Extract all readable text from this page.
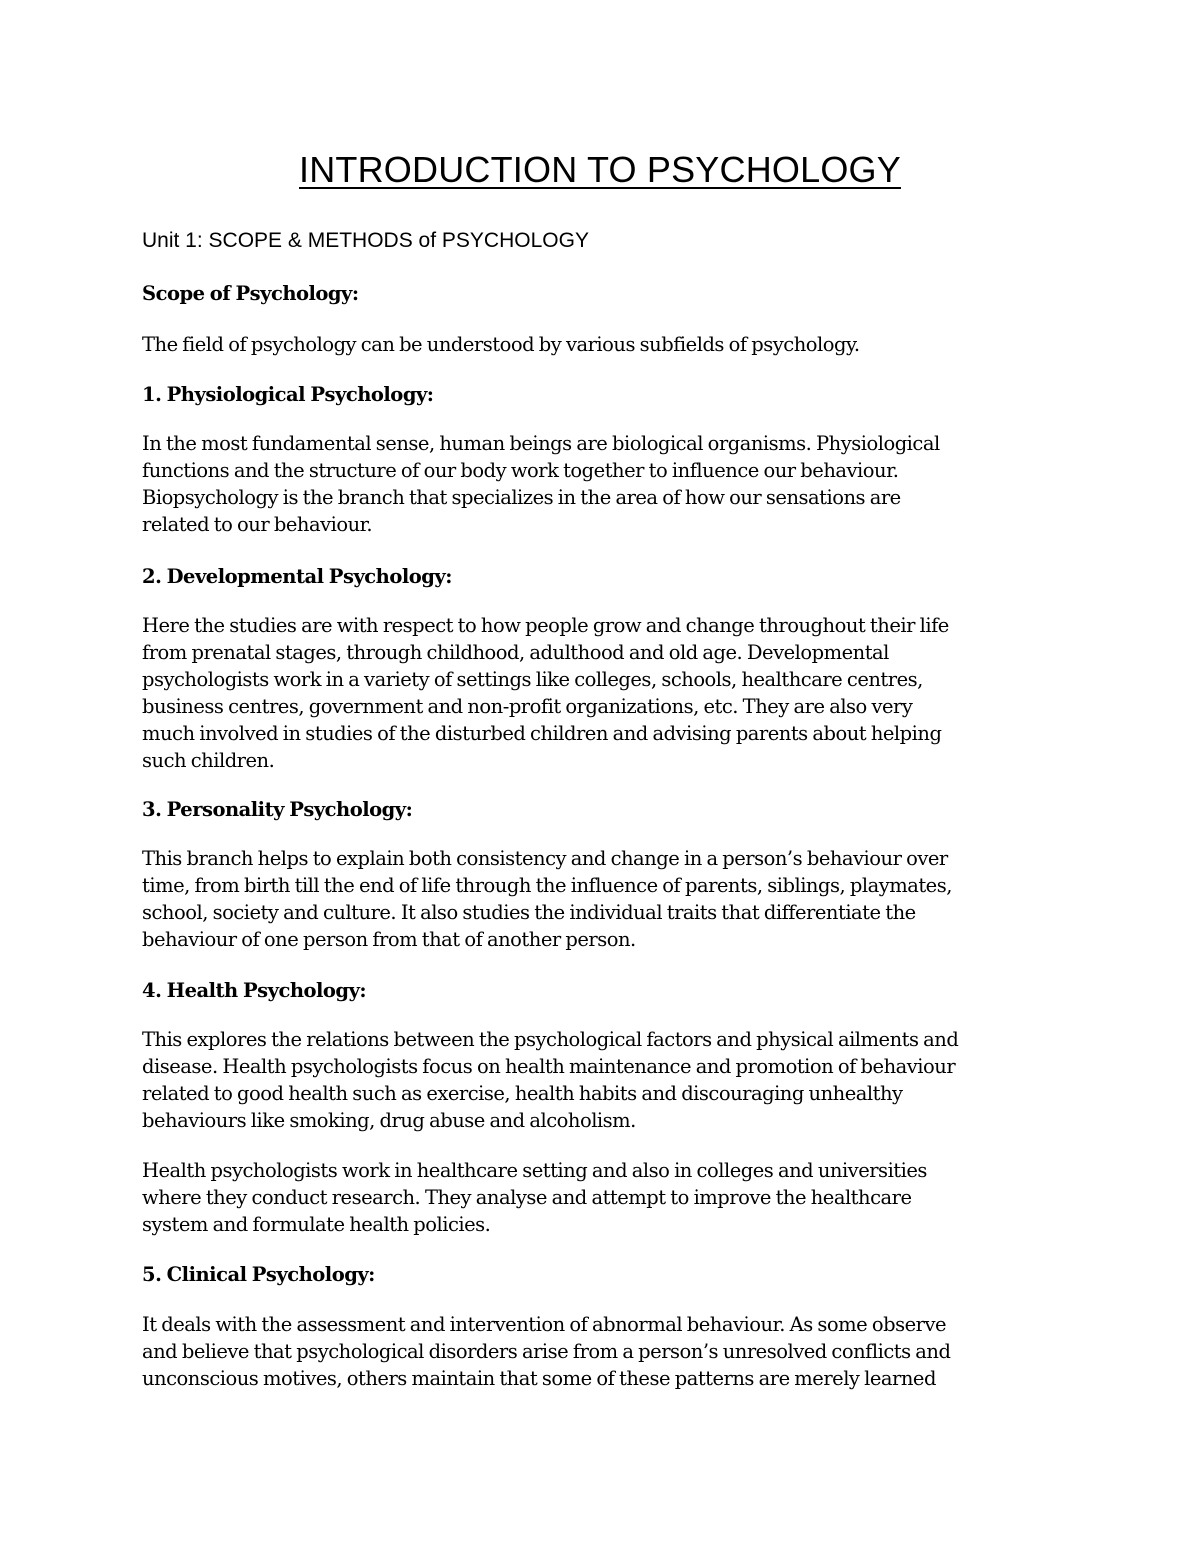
INTRODUCTION TO PSYCHOLOGY

Unit 1: SCOPE & METHODS of PSYCHOLOGY

Scope of Psychology:

The field of psychology can be understood by various subfields of psychology.

1. Physiological Psychology:

In the most fundamental sense, human beings are biological organisms. Physiological
functions and the structure of our body work together to influence our behaviour.
Biopsychology is the branch that specializes in the area of how our sensations are
related to our behaviour.

2. Developmental Psychology:

Here the studies are with respect to how people grow and change throughout their life
from prenatal stages, through childhood, adulthood and old age. Developmental
psychologists work in a variety of settings like colleges, schools, healthcare centres,
business centres, government and non-profit organizations, etc. They are also very
much involved in studies of the disturbed children and advising parents about helping
such children.

3. Personality Psychology:

This branch helps to explain both consistency and change in a person’s behaviour over
time, from birth till the end of life through the influence of parents, siblings, playmates,
school, society and culture. It also studies the individual traits that differentiate the
behaviour of one person from that of another person.

4. Health Psychology:

This explores the relations between the psychological factors and physical ailments and
disease. Health psychologists focus on health maintenance and promotion of behaviour
related to good health such as exercise, health habits and discouraging unhealthy
behaviours like smoking, drug abuse and alcoholism.

Health psychologists work in healthcare setting and also in colleges and universities
where they conduct research. They analyse and attempt to improve the healthcare
system and formulate health policies.

5. Clinical Psychology:

It deals with the assessment and intervention of abnormal behaviour. As some observe
and believe that psychological disorders arise from a person’s unresolved conflicts and
unconscious motives, others maintain that some of these patterns are merely learned
